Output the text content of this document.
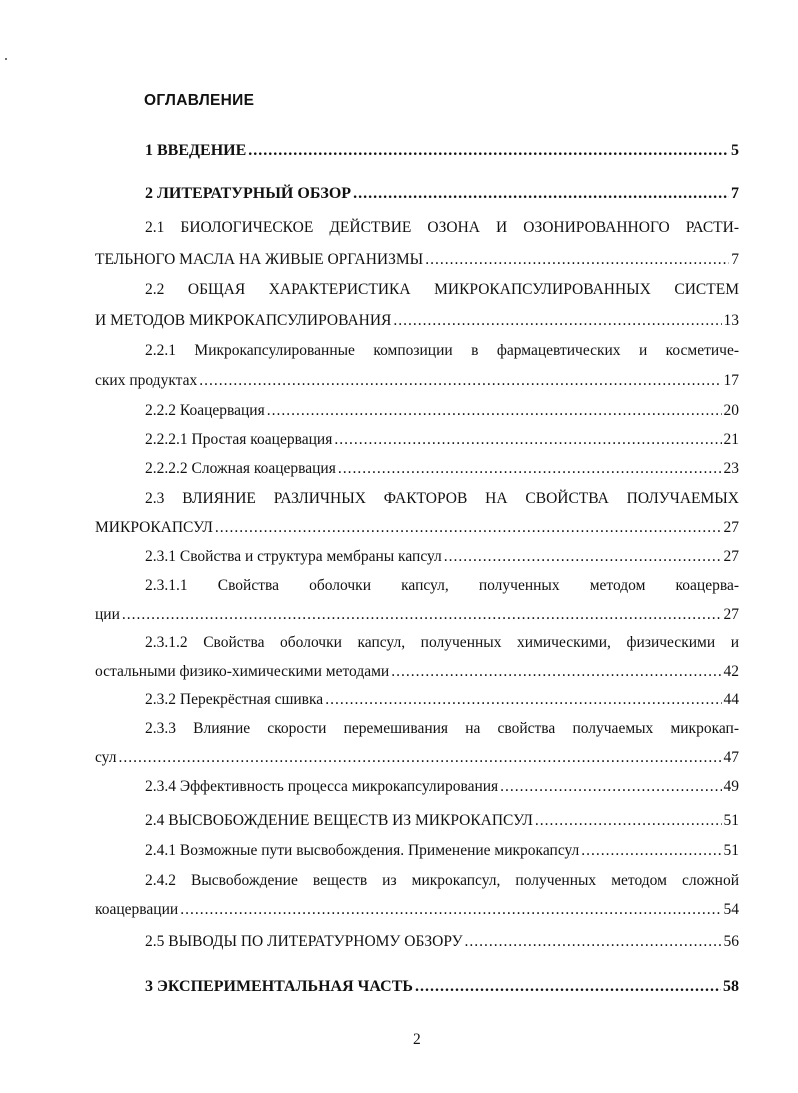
ОГЛАВЛЕНИЕ
1 ВВЕДЕНИЕ .....	5
2 ЛИТЕРАТУРНЫЙ ОБЗОР .....	7
2.1 БИОЛОГИЧЕСКОЕ ДЕЙСТВИЕ ОЗОНА И ОЗОНИРОВАННОГО РАСТИ-
ТЕЛЬНОГО МАСЛА НА ЖИВЫЕ ОРГАНИЗМЫ .....	7
2.2 ОБЩАЯ ХАРАКТЕРИСТИКА МИКРОКАПСУЛИРОВАННЫХ СИСТЕМ
И МЕТОДОВ МИКРОКАПСУЛИРОВАНИЯ .....	13
2.2.1 Микрокапсулированные композиции в фармацевтических и косметиче-
ских продуктах .....	17
2.2.2 Коацервация .....	20
2.2.2.1 Простая коацервация .....	21
2.2.2.2 Сложная коацервация .....	23
2.3 ВЛИЯНИЕ РАЗЛИЧНЫХ ФАКТОРОВ НА СВОЙСТВА ПОЛУЧАЕМЫХ
МИКРОКАПСУЛ .....	27
2.3.1 Свойства и структура мембраны капсул .....	27
2.3.1.1 Свойства оболочки капсул, полученных методом коацерва-
ции .....	27
2.3.1.2 Свойства оболочки капсул, полученных химическими, физическими и
остальными физико-химическими методами .....	42
2.3.2 Перекрёстная сшивка .....	44
2.3.3 Влияние скорости перемешивания на свойства получаемых микрокап-
сул .....	47
2.3.4 Эффективность процесса микрокапсулирования .....	49
2.4 ВЫСВОБОЖДЕНИЕ ВЕЩЕСТВ ИЗ МИКРОКАПСУЛ .....	51
2.4.1 Возможные пути высвобождения. Применение микрокапсул .....	51
2.4.2 Высвобождение веществ из микрокапсул, полученных методом сложной
коацервации .....	54
2.5 ВЫВОДЫ ПО ЛИТЕРАТУРНОМУ ОБЗОРУ .....	56
3 ЭКСПЕРИМЕНТАЛЬНАЯ ЧАСТЬ .....	58
2
